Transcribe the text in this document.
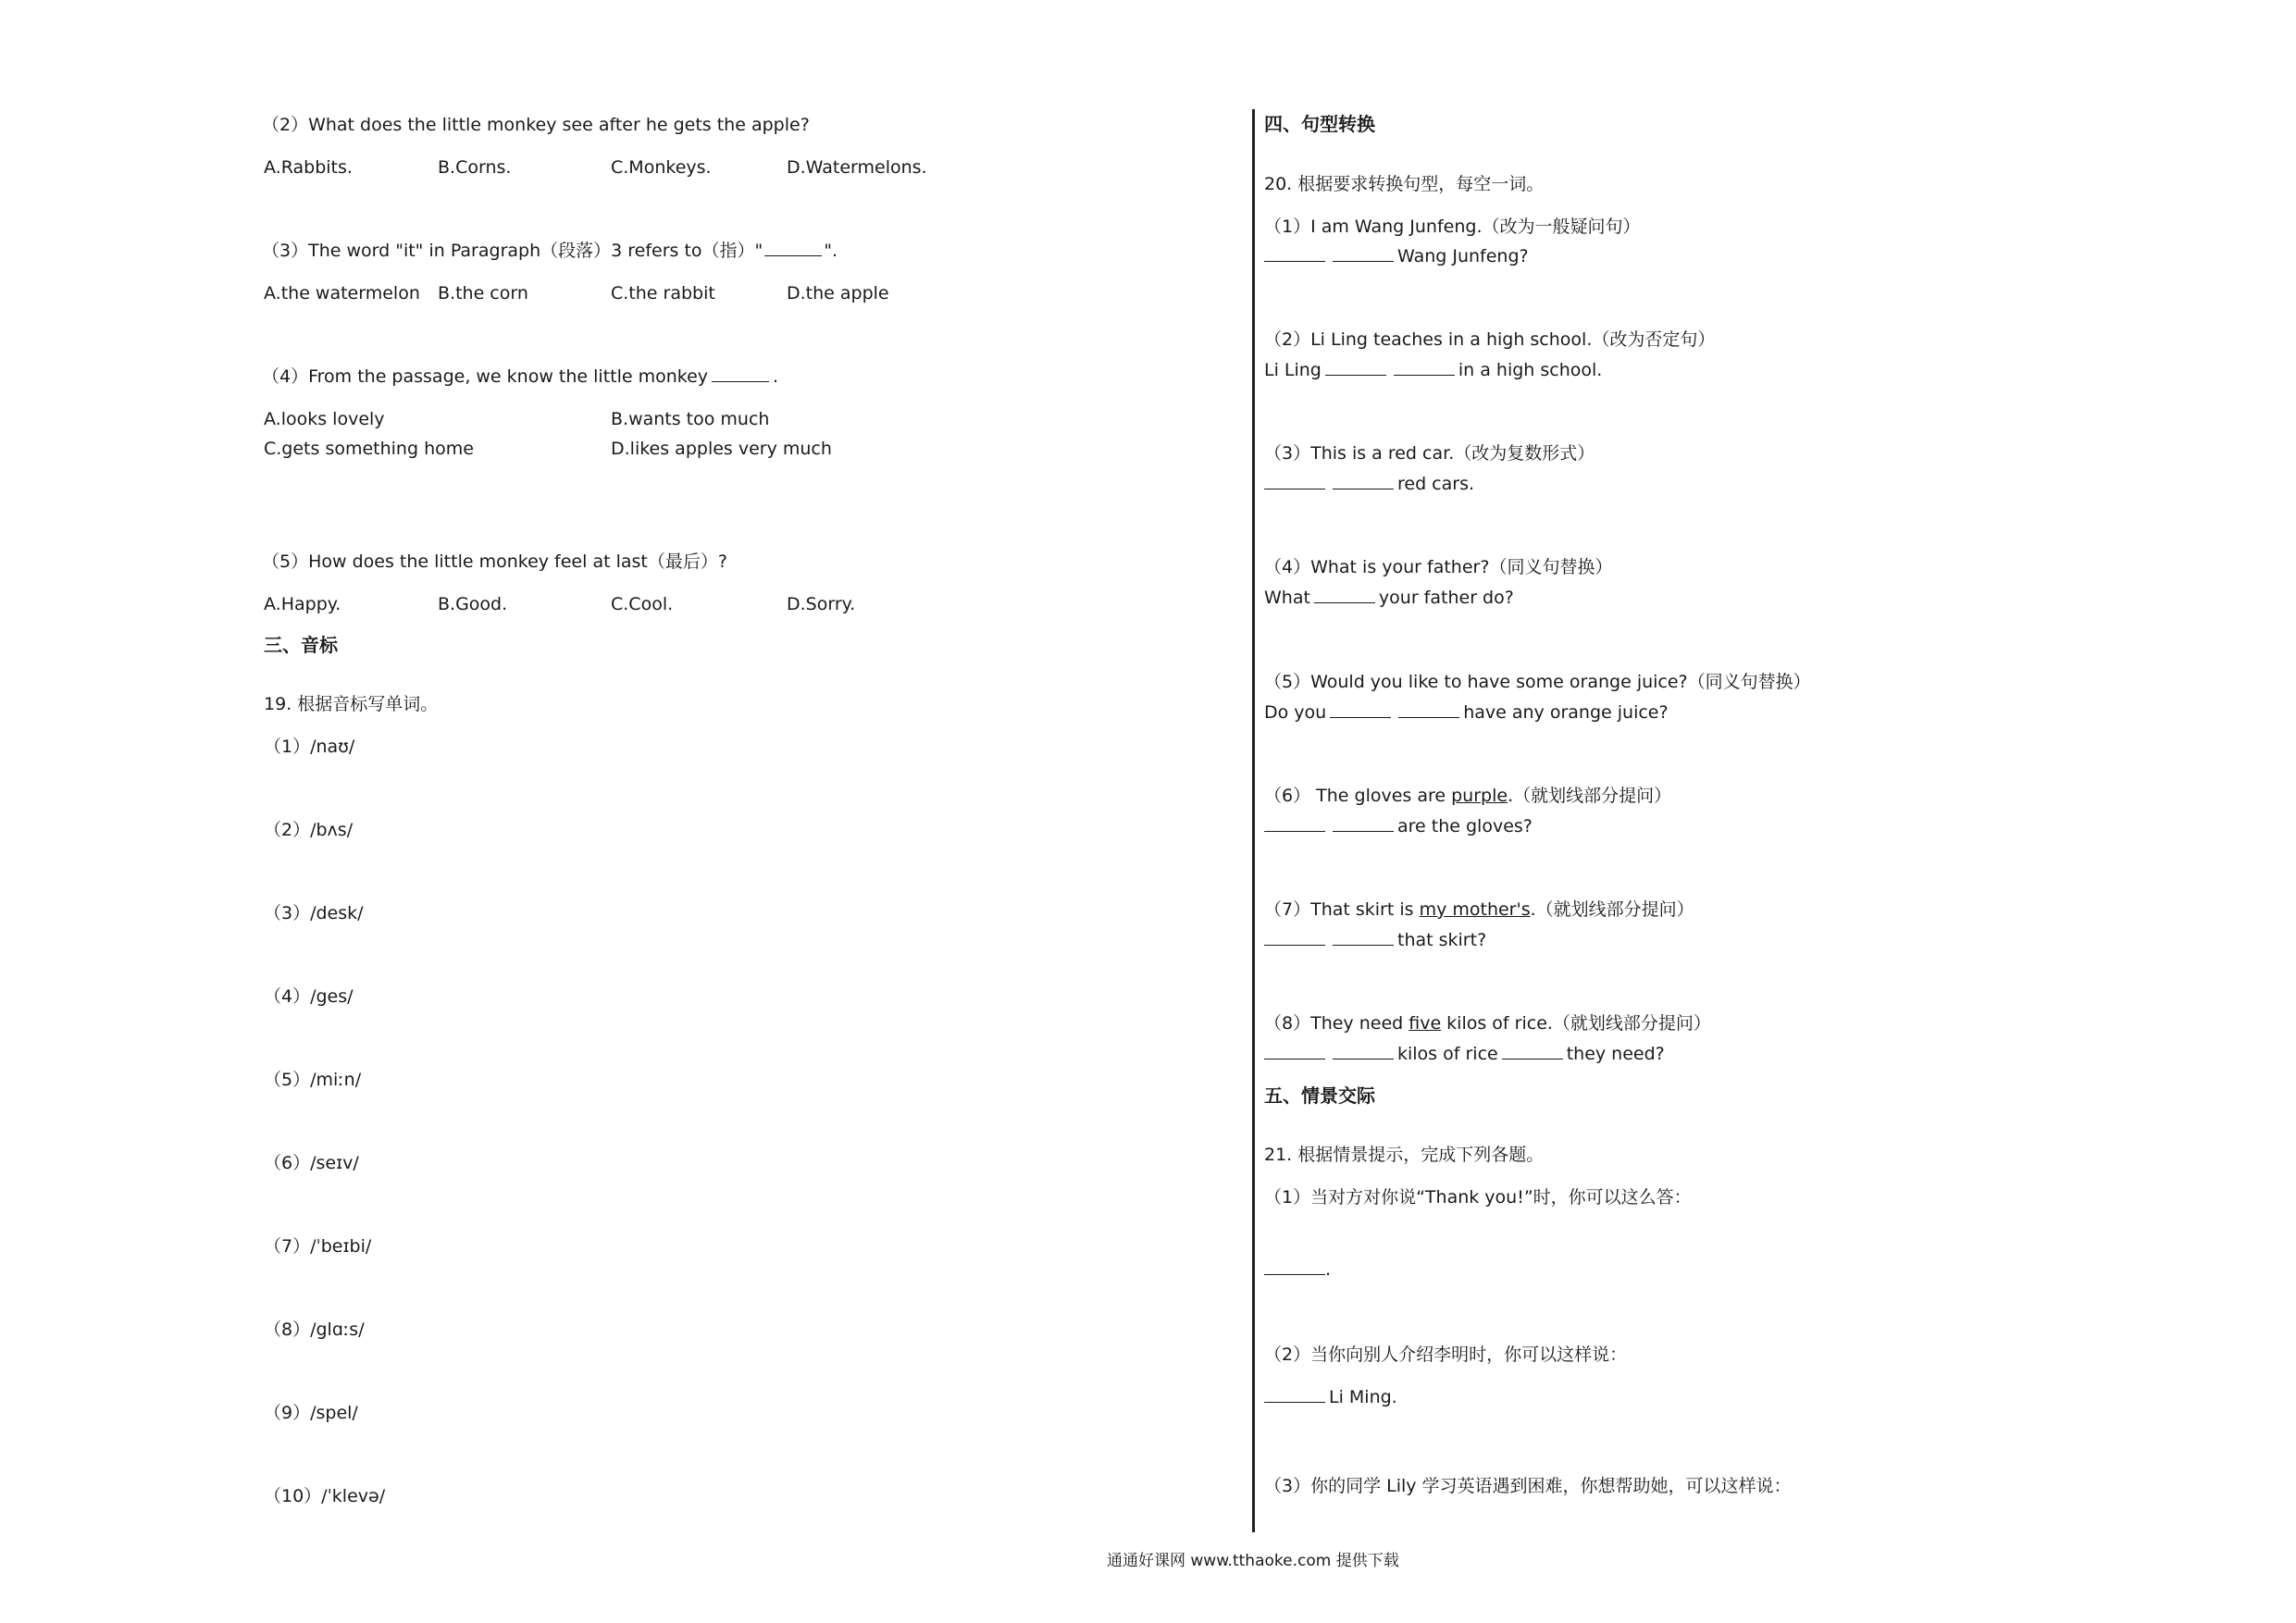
（2）What does the little monkey see after he gets the apple?
A.Rabbits.	B.Corns.	C.Monkeys.	D.Watermelons.
（3）The word "it" in Paragraph（段落）3 refers to（指）"	".
A.the watermelon B.the corn	C.the rabbit	D.the apple
（4）From the passage, we know the little monkey	.
A.looks lovely	B.wants too much
C.gets something home	D.likes apples very much
（5）How does the little monkey feel at last（最后）?
A.Happy.	B.Good.	C.Cool.	D.Sorry.
三、音标
19. 根据音标写单词。
（1）/naʊ/
（2）/bʌs/
（3）/desk/
（4）/ges/
（5）/miːn/
（6）/seɪv/
（7）/ˈbeɪbi/
（8）/glɑːs/
（9）/spel/
（10）/ˈklevə/
四、句型转换
20. 根据要求转换句型，每空一词。
（1）I am Wang Junfeng.（改为一般疑问句）
Wang Junfeng?
（2）Li Ling teaches in a high school.（改为否定句）
Li Ling	in a high school.
（3）This is a red car.（改为复数形式）
red cars.
（4）What is your father?（同义句替换）
What	your father do?
（5）Would you like to have some orange juice?（同义句替换）
Do you	have any orange juice?
（6） The gloves are purple.（就划线部分提问）
are the gloves?
（7）That skirt is my mother's.（就划线部分提问）
that skirt?
（8）They need five kilos of rice.（就划线部分提问）
kilos of rice	they need?
五、情景交际
21. 根据情景提示，完成下列各题。
（1）当对方对你说“Thank you!”时，你可以这么答：
.
（2）当你向别人介绍李明时，你可以这样说：
Li Ming.
（3）你的同学 Lily 学习英语遇到困难，你想帮助她，可以这样说：
通通好课网 www.tthaoke.com 提供下载
